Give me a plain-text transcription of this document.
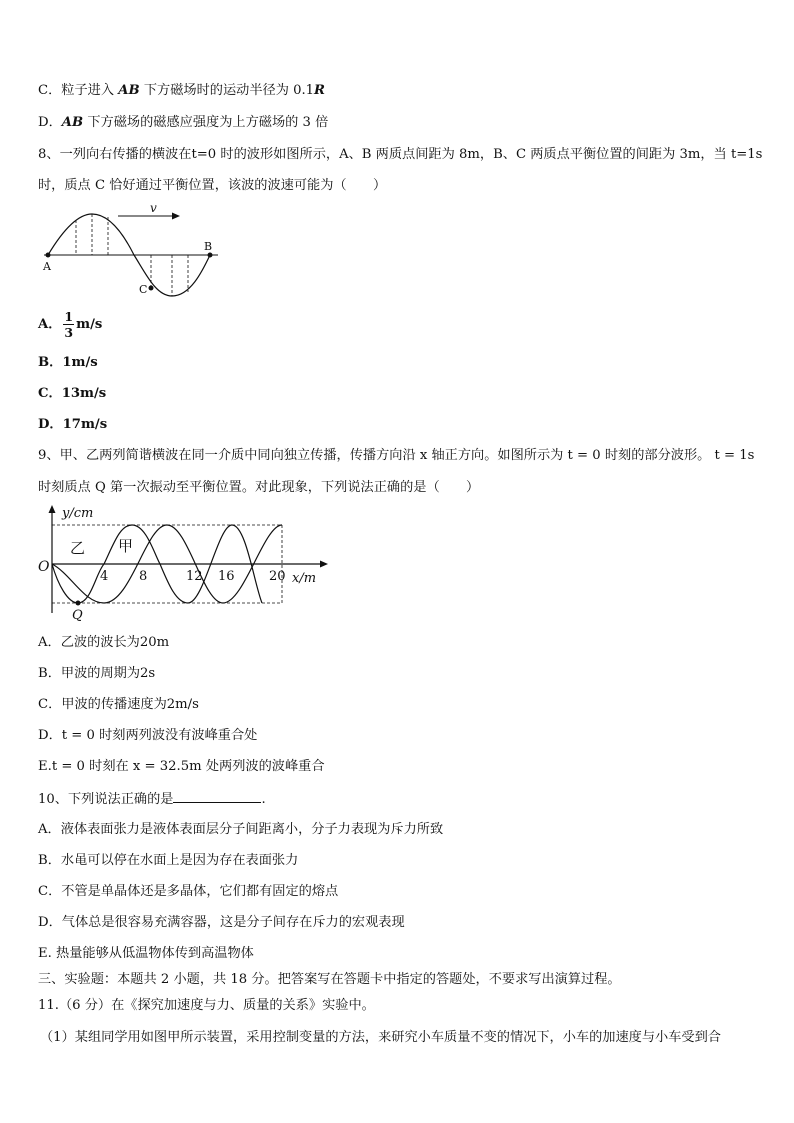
C．粒子进入 AB 下方磁场时的运动半径为 0.1R
D．AB 下方磁场的磁感应强度为上方磁场的 3 倍
8、一列向右传播的横波在t=0 时的波形如图所示，A、B 两质点间距为 8m，B、C 两质点平衡位置的间距为 3m，当 t=1s
时，质点 C 恰好通过平衡位置，该波的波速可能为（　　）
v
A
B
C
A． $\frac{1}{3} m/s$
B．1m/s
C．13m/s
D．17m/s
9、甲、乙两列简谐横波在同一介质中同向独立传播，传播方向沿 x 轴正方向。如图所示为 t = 0 时刻的部分波形。 t = 1s
时刻质点 Q 第一次振动至平衡位置。对此现象，下列说法正确的是（　　）
y/cm
x/m
O
乙 甲
Q
4 8	12 16	20
A．乙波的波长为20m
B．甲波的周期为2s
C．甲波的传播速度为2m/s
D．t = 0 时刻两列波没有波峰重合处
E.t = 0 时刻在 x = 32.5m 处两列波的波峰重合
10、下列说法正确的是	.
A．液体表面张力是液体表面层分子间距离小，分子力表现为斥力所致
B．水黾可以停在水面上是因为存在表面张力
C．不管是单晶体还是多晶体，它们都有固定的熔点
D．气体总是很容易充满容器，这是分子间存在斥力的宏观表现
E. 热量能够从低温物体传到高温物体
三、实验题：本题共 2 小题，共 18 分。把答案写在答题卡中指定的答题处，不要求写出演算过程。
11.（6 分）在《探究加速度与力、质量的关系》实验中。
（1）某组同学用如图甲所示装置，采用控制变量的方法，来研究小车质量不变的情况下，小车的加速度与小车受到合
